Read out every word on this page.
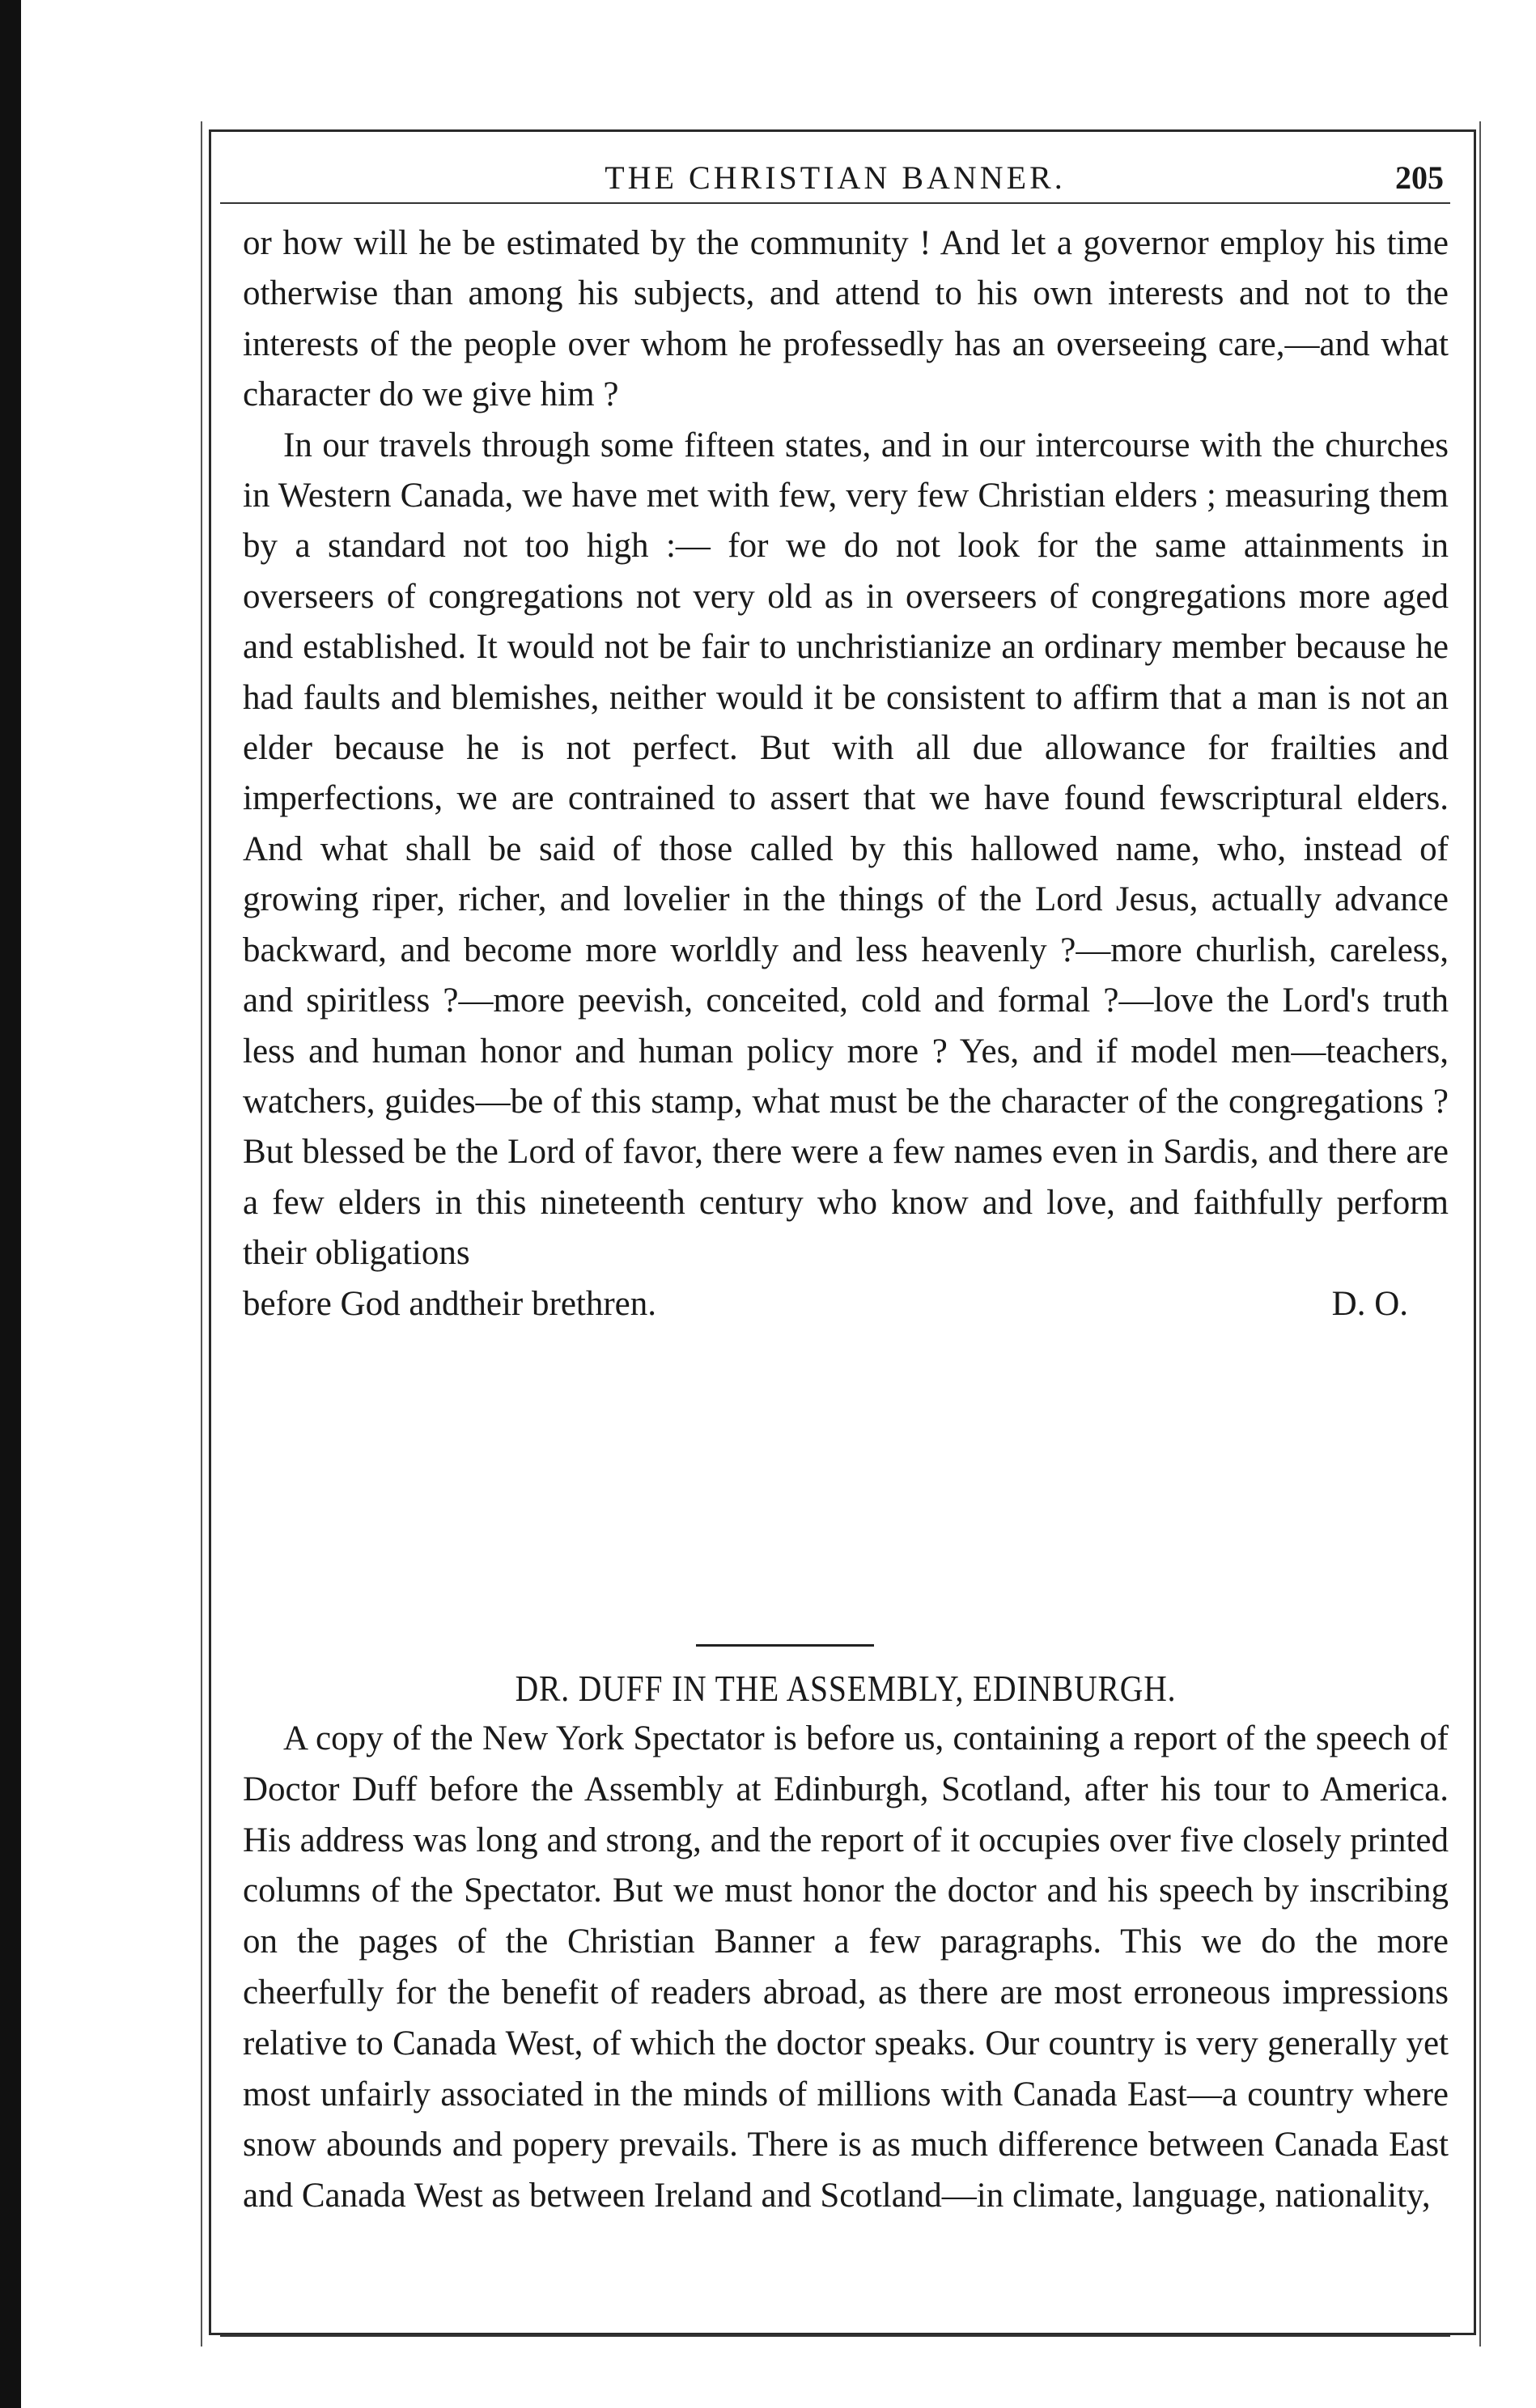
THE CHRISTIAN BANNER.	205

or how will he be estimated by the community ! And let a governor employ his time otherwise than among his subjects, and attend to his own interests and not to the interests of the people over whom he professedly has an overseeing care,—and what character do we give him ?

In our travels through some fifteen states, and in our intercourse with the churches in Western Canada, we have met with few, very few Christian elders ; measuring them by a standard not too high :— for we do not look for the same attainments in overseers of congregations not very old as in overseers of congregations more aged and established. It would not be fair to unchristianize an ordinary member because he had faults and blemishes, neither would it be consistent to affirm that a man is not an elder because he is not perfect. But with all due allowance for frailties and imperfections, we are contrained to assert that we have found fewscriptural elders. And what shall be said of those called by this hallowed name, who, instead of growing riper, richer, and lovelier in the things of the Lord Jesus, actually advance backward, and become more worldly and less heavenly ?—more churlish, careless, and spiritless ?—more peevish, conceited, cold and formal ?—love the Lord's truth less and human honor and human policy more ? Yes, and if model men—teachers, watchers, guides—be of this stamp, what must be the character of the congregations ? But blessed be the Lord of favor, there were a few names even in Sardis, and there are a few elders in this nineteenth century who know and love, and faithfully perform their obligations

before God andtheir brethren.	D. O.
DR. DUFF IN THE ASSEMBLY, EDINBURGH.

A copy of the New York Spectator is before us, containing a report of the speech of Doctor Duff before the Assembly at Edinburgh, Scotland, after his tour to America. His address was long and strong, and the report of it occupies over five closely printed columns of the Spectator. But we must honor the doctor and his speech by inscribing on the pages of the Christian Banner a few paragraphs. This we do the more cheerfully for the benefit of readers abroad, as there are most erroneous impressions relative to Canada West, of which the doctor speaks. Our country is very generally yet most unfairly associated in the minds of millions with Canada East—a country where snow abounds and popery prevails. There is as much difference between Canada East and Canada West as between Ireland and Scotland—in climate, language, nationality,
